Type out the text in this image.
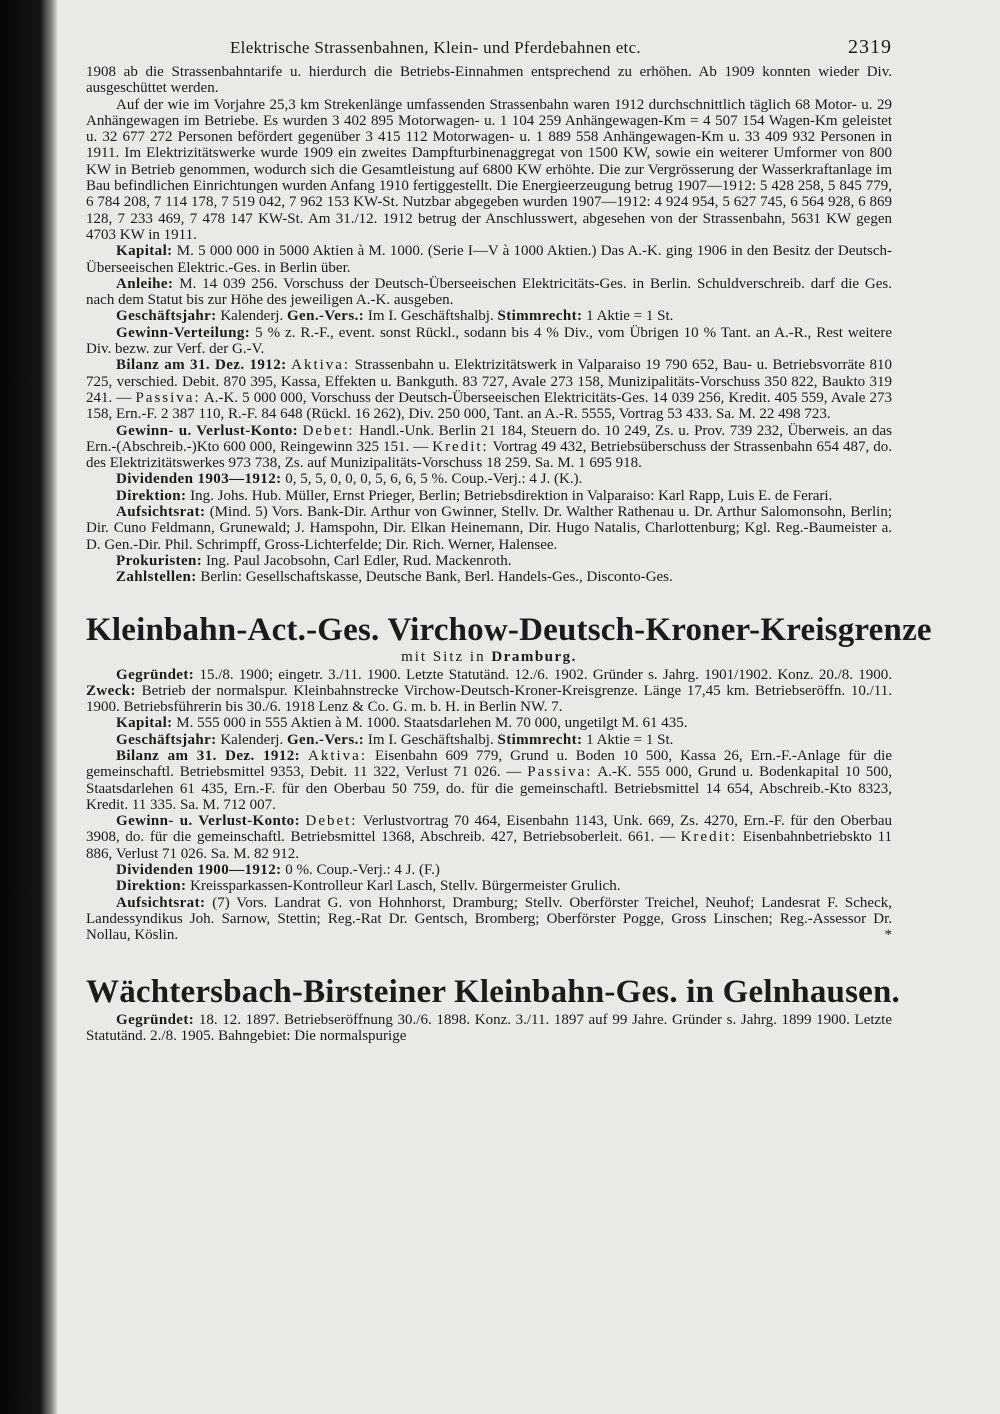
Elektrische Strassenbahnen, Klein- und Pferdebahnen etc.	2319

1908 ab die Strassenbahntarife u. hierdurch die Betriebs-Einnahmen entsprechend zu erhöhen. Ab 1909 konnten wieder Div. ausgeschüttet werden.

Auf der wie im Vorjahre 25,3 km Strekenlänge umfassenden Strassenbahn waren 1912 durchschnittlich täglich 68 Motor- u. 29 Anhängewagen im Betriebe. Es wurden 3 402 895 Motorwagen- u. 1 104 259 Anhängewagen-Km = 4 507 154 Wagen-Km geleistet u. 32 677 272 Personen befördert gegenüber 3 415 112 Motorwagen- u. 1 889 558 Anhängewagen-Km u. 33 409 932 Personen in 1911. Im Elektrizitätswerke wurde 1909 ein zweites Dampfturbinenaggregat von 1500 KW, sowie ein weiterer Umformer von 800 KW in Betrieb genommen, wodurch sich die Gesamtleistung auf 6800 KW erhöhte. Die zur Vergrösserung der Wasserkraftanlage im Bau befindlichen Einrichtungen wurden Anfang 1910 fertiggestellt. Die Energieerzeugung betrug 1907—1912: 5 428 258, 5 845 779, 6 784 208, 7 114 178, 7 519 042, 7 962 153 KW-St. Nutzbar abgegeben wurden 1907—1912: 4 924 954, 5 627 745, 6 564 928, 6 869 128, 7 233 469, 7 478 147 KW-St. Am 31./12. 1912 betrug der Anschlusswert, abgesehen von der Strassenbahn, 5631 KW gegen 4703 KW in 1911.

Kapital: M. 5 000 000 in 5000 Aktien à M. 1000. (Serie I—V à 1000 Aktien.) Das A.-K. ging 1906 in den Besitz der Deutsch-Überseeischen Elektric.-Ges. in Berlin über.

Anleihe: M. 14 039 256. Vorschuss der Deutsch-Überseeischen Elektricitäts-Ges. in Berlin. Schuldverschreib. darf die Ges. nach dem Statut bis zur Höhe des jeweiligen A.-K. ausgeben.

Geschäftsjahr: Kalenderj. Gen.-Vers.: Im I. Geschäftshalbj. Stimmrecht: 1 Aktie = 1 St.

Gewinn-Verteilung: 5 % z. R.-F., event. sonst Rückl., sodann bis 4 % Div., vom Übrigen 10 % Tant. an A.-R., Rest weitere Div. bezw. zur Verf. der G.-V.

Bilanz am 31. Dez. 1912: Aktiva: Strassenbahn u. Elektrizitätswerk in Valparaiso 19 790 652, Bau- u. Betriebsvorräte 810 725, verschied. Debit. 870 395, Kassa, Effekten u. Bankguth. 83 727, Avale 273 158, Munizipalitäts-Vorschuss 350 822, Baukto 319 241. — Passiva: A.-K. 5 000 000, Vorschuss der Deutsch-Überseeischen Elektricitäts-Ges. 14 039 256, Kredit. 405 559, Avale 273 158, Ern.-F. 2 387 110, R.-F. 84 648 (Rückl. 16 262), Div. 250 000, Tant. an A.-R. 5555, Vortrag 53 433. Sa. M. 22 498 723.

Gewinn- u. Verlust-Konto: Debet: Handl.-Unk. Berlin 21 184, Steuern do. 10 249, Zs. u. Prov. 739 232, Überweis. an das Ern.-(Abschreib.-)Kto 600 000, Reingewinn 325 151. — Kredit: Vortrag 49 432, Betriebsüberschuss der Strassenbahn 654 487, do. des Elektrizitätswerkes 973 738, Zs. auf Munizipalitäts-Vorschuss 18 259. Sa. M. 1 695 918.

Dividenden 1903—1912: 0, 5, 5, 0, 0, 0, 5, 6, 6, 5 %. Coup.-Verj.: 4 J. (K.).

Direktion: Ing. Johs. Hub. Müller, Ernst Prieger, Berlin; Betriebsdirektion in Valparaiso: Karl Rapp, Luis E. de Ferari.

Aufsichtsrat: (Mind. 5) Vors. Bank-Dir. Arthur von Gwinner, Stellv. Dr. Walther Rathenau u. Dr. Arthur Salomonsohn, Berlin; Dir. Cuno Feldmann, Grunewald; J. Hamspohn, Dir. Elkan Heinemann, Dir. Hugo Natalis, Charlottenburg; Kgl. Reg.-Baumeister a. D. Gen.-Dir. Phil. Schrimpff, Gross-Lichterfelde; Dir. Rich. Werner, Halensee.

Prokuristen: Ing. Paul Jacobsohn, Carl Edler, Rud. Mackenroth.

Zahlstellen: Berlin: Gesellschaftskasse, Deutsche Bank, Berl. Handels-Ges., Disconto-Ges.

Kleinbahn-Act.-Ges. Virchow-Deutsch-Kroner-Kreisgrenze
mit Sitz in Dramburg.

Gegründet: 15./8. 1900; eingetr. 3./11. 1900. Letzte Statutänd. 12./6. 1902. Gründer s. Jahrg. 1901/1902. Konz. 20./8. 1900. Zweck: Betrieb der normalspur. Kleinbahnstrecke Virchow-Deutsch-Kroner-Kreisgrenze. Länge 17,45 km. Betriebseröffn. 10./11. 1900. Betriebsführerin bis 30./6. 1918 Lenz & Co. G. m. b. H. in Berlin NW. 7.

Kapital: M. 555 000 in 555 Aktien à M. 1000. Staatsdarlehen M. 70 000, ungetilgt M. 61 435.

Geschäftsjahr: Kalenderj. Gen.-Vers.: Im I. Geschäftshalbj. Stimmrecht: 1 Aktie = 1 St.

Bilanz am 31. Dez. 1912: Aktiva: Eisenbahn 609 779, Grund u. Boden 10 500, Kassa 26, Ern.-F.-Anlage für die gemeinschaftl. Betriebsmittel 9353, Debit. 11 322, Verlust 71 026. — Passiva: A.-K. 555 000, Grund u. Bodenkapital 10 500, Staatsdarlehen 61 435, Ern.-F. für den Oberbau 50 759, do. für die gemeinschaftl. Betriebsmittel 14 654, Abschreib.-Kto 8323, Kredit. 11 335. Sa. M. 712 007.

Gewinn- u. Verlust-Konto: Debet: Verlustvortrag 70 464, Eisenbahn 1143, Unk. 669, Zs. 4270, Ern.-F. für den Oberbau 3908, do. für die gemeinschaftl. Betriebsmittel 1368, Abschreib. 427, Betriebsoberleit. 661. — Kredit: Eisenbahnbetriebskto 11 886, Verlust 71 026. Sa. M. 82 912.

Dividenden 1900—1912: 0 %. Coup.-Verj.: 4 J. (F.)

Direktion: Kreissparkassen-Kontrolleur Karl Lasch, Stellv. Bürgermeister Grulich.

Aufsichtsrat: (7) Vors. Landrat G. von Hohnhorst, Dramburg; Stellv. Oberförster Treichel, Neuhof; Landesrat F. Scheck, Landessyndikus Joh. Sarnow, Stettin; Reg.-Rat Dr. Gentsch, Bromberg; Oberförster Pogge, Gross Linschen; Reg.-Assessor Dr. Nollau, Köslin.	*

Wächtersbach-Birsteiner Kleinbahn-Ges. in Gelnhausen.

Gegründet: 18. 12. 1897. Betriebseröffnung 30./6. 1898. Konz. 3./11. 1897 auf 99 Jahre. Gründer s. Jahrg. 1899 1900. Letzte Statutänd. 2./8. 1905. Bahngebiet: Die normalspurige
